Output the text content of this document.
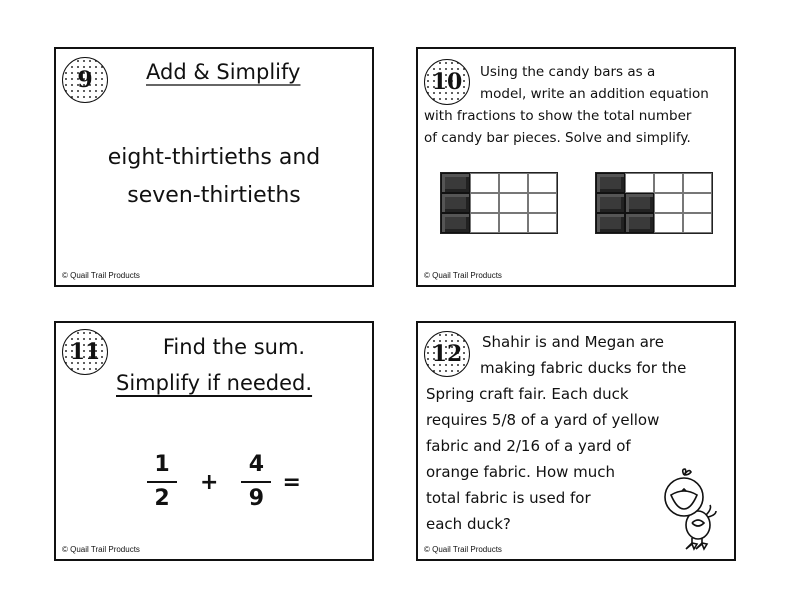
9	Add & Simplify
eight-thirtieths and
seven-thirtieths
© Quail Trail Products
10	Using the candy bars as a
model, write an addition equation
with fractions to show the total number
of candy bar pieces. Solve and simplify.
© Quail Trail Products
11	Find the sum.
Simplify if needed.
$\frac{1}{2} + \frac{4}{9}$ =
© Quail Trail Products
12	Shahir is and Megan are
making fabric ducks for the
Spring craft fair. Each duck
requires 5/8 of a yard of yellow
fabric and 2/16 of a yard of
orange fabric. How much
total fabric is used for
each duck?
© Quail Trail Products
